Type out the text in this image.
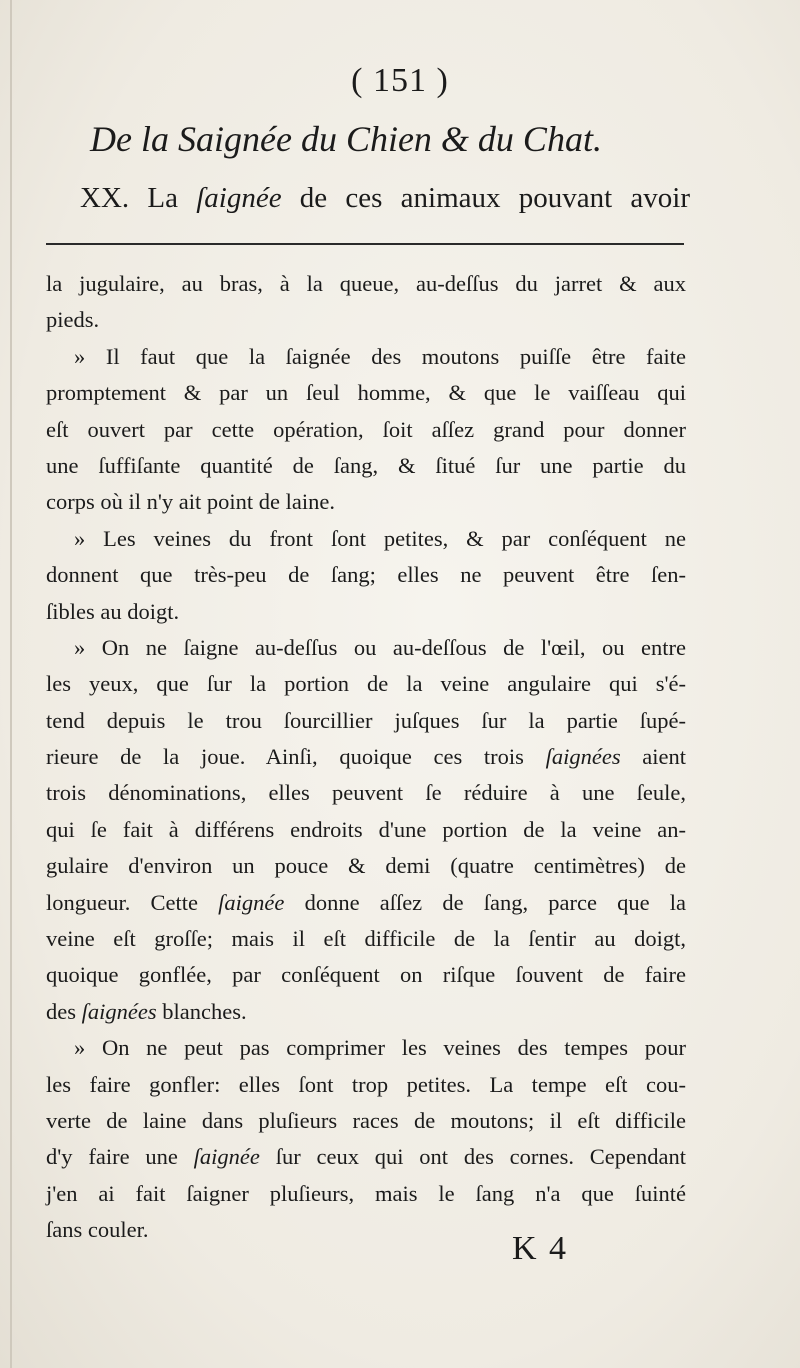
( 151 )
De la Saignée du Chien & du Chat.
XX. La ſaignée de ces animaux pouvant avoir
la jugulaire, au bras, à la queue, au-deſſus du jarret & aux
pieds.
» Il faut que la ſaignée des moutons puiſſe être faite
promptement & par un ſeul homme, & que le vaiſſeau qui
eſt ouvert par cette opération, ſoit aſſez grand pour donner
une ſuffiſante quantité de ſang, & ſitué ſur une partie du
corps où il n'y ait point de laine.
» Les veines du front ſont petites, & par conſéquent ne
donnent que très-peu de ſang; elles ne peuvent être ſen-
ſibles au doigt.
» On ne ſaigne au-deſſus ou au-deſſous de l'œil, ou entre
les yeux, que ſur la portion de la veine angulaire qui s'é-
tend depuis le trou ſourcillier juſques ſur la partie ſupé-
rieure de la joue. Ainſi, quoique ces trois ſaignées aient
trois dénominations, elles peuvent ſe réduire à une ſeule,
qui ſe fait à différens endroits d'une portion de la veine an-
gulaire d'environ un pouce & demi (quatre centimètres) de
longueur. Cette ſaignée donne aſſez de ſang, parce que la
veine eſt groſſe; mais il eſt difficile de la ſentir au doigt,
quoique gonflée, par conſéquent on riſque ſouvent de faire
des ſaignées blanches.
» On ne peut pas comprimer les veines des tempes pour
les faire gonfler: elles ſont trop petites. La tempe eſt cou-
verte de laine dans pluſieurs races de moutons; il eſt difficile
d'y faire une ſaignée ſur ceux qui ont des cornes. Cependant
j'en ai fait ſaigner pluſieurs, mais le ſang n'a que ſuinté
ſans couler.
K 4
